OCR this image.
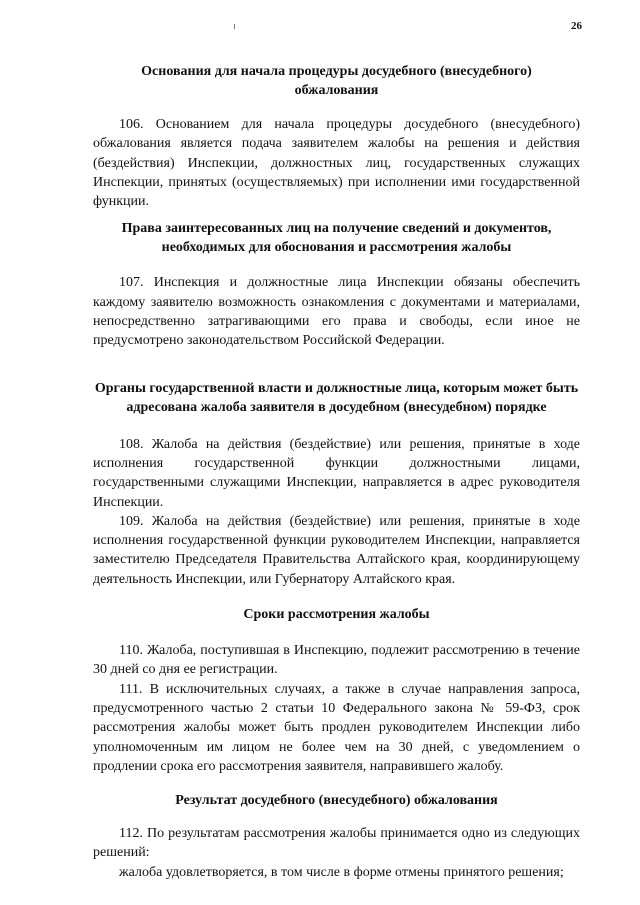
26
Основания для начала процедуры досудебного (внесудебного) обжалования

106. Основанием для начала процедуры досудебного (внесудебного) обжалования является подача заявителем жалобы на решения и действия (бездействия) Инспекции, должностных лиц, государственных служащих Инспекции, принятых (осуществляемых) при исполнении ими государственной функции.

Права заинтересованных лиц на получение сведений и документов, необходимых для обоснования и рассмотрения жалобы

107. Инспекция и должностные лица Инспекции обязаны обеспечить каждому заявителю возможность ознакомления с документами и материалами, непосредственно затрагивающими его права и свободы, если иное не предусмотрено законодательством Российской Федерации.

Органы государственной власти и должностные лица, которым может быть адресована жалоба заявителя в досудебном (внесудебном) порядке

108. Жалоба на действия (бездействие) или решения, принятые в ходе исполнения государственной функции должностными лицами, государственными служащими Инспекции, направляется в адрес руководителя Инспекции.

109. Жалоба на действия (бездействие) или решения, принятые в ходе исполнения государственной функции руководителем Инспекции, направляется заместителю Председателя Правительства Алтайского края, координирующему деятельность Инспекции, или Губернатору Алтайского края.

Сроки рассмотрения жалобы

110. Жалоба, поступившая в Инспекцию, подлежит рассмотрению в течение 30 дней со дня ее регистрации.

111. В исключительных случаях, а также в случае направления запроса, предусмотренного частью 2 статьи 10 Федерального закона № 59-ФЗ, срок рассмотрения жалобы может быть продлен руководителем Инспекции либо уполномоченным им лицом не более чем на 30 дней, с уведомлением о продлении срока его рассмотрения заявителя, направившего жалобу.

Результат досудебного (внесудебного) обжалования

112. По результатам рассмотрения жалобы принимается одно из следующих решений:

жалоба удовлетворяется, в том числе в форме отмены принятого решения;
